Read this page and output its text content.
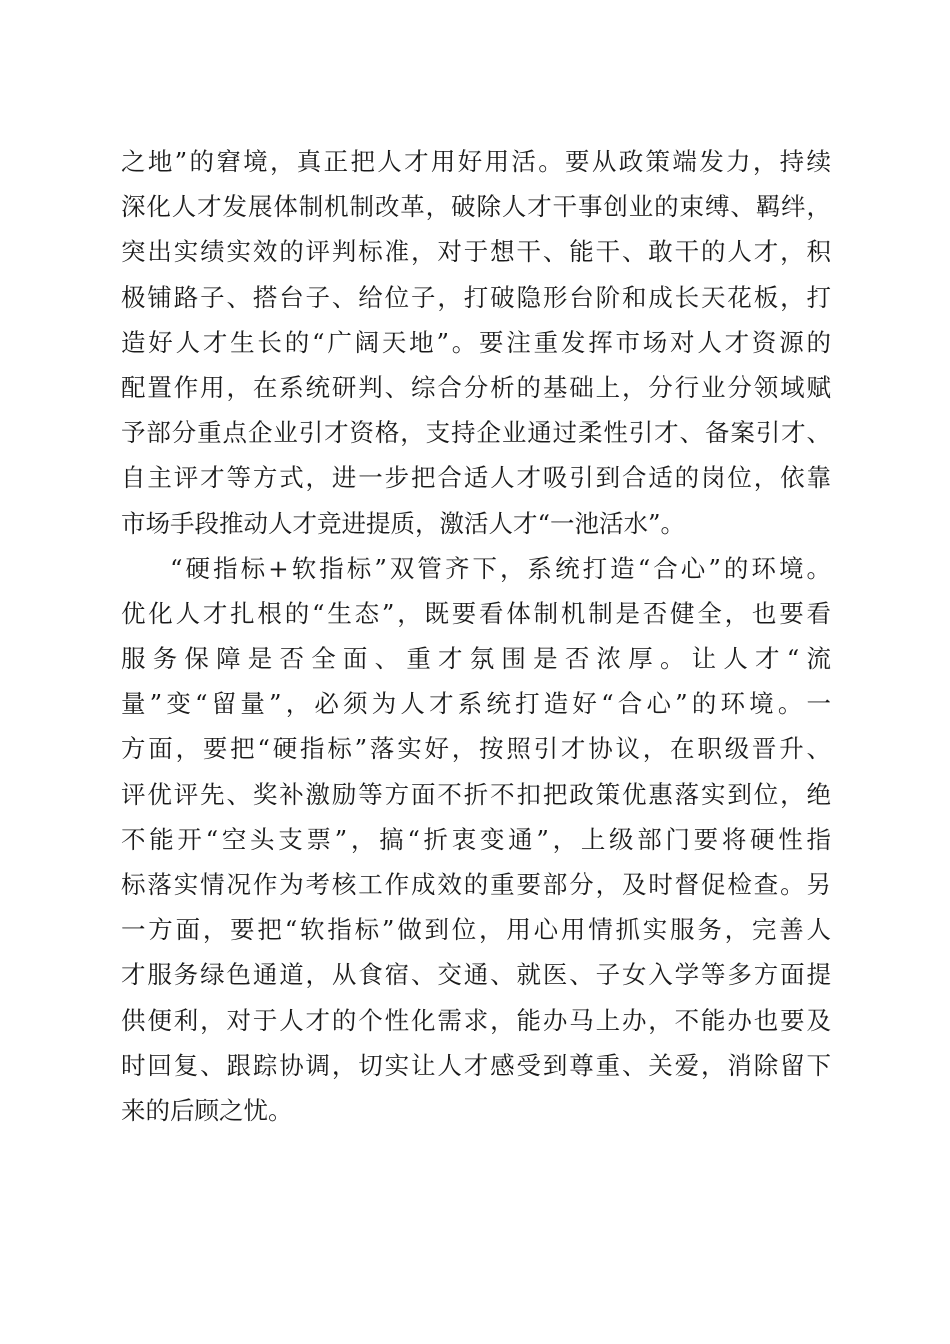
之地”的窘境，真正把人才用好用活。要从政策端发力，持续
深化人才发展体制机制改革，破除人才干事创业的束缚、羁绊，
突出实绩实效的评判标准，对于想干、能干、敢干的人才，积
极铺路子、搭台子、给位子，打破隐形台阶和成长天花板，打
造好人才生长的“广阔天地”。要注重发挥市场对人才资源的
配置作用，在系统研判、综合分析的基础上，分行业分领域赋
予部分重点企业引才资格，支持企业通过柔性引才、备案引才、
自主评才等方式，进一步把合适人才吸引到合适的岗位，依靠
市场手段推动人才竞进提质，激活人才“一池活水”。
“硬指标+软指标”双管齐下，系统打造“合心”的环境。
优化人才扎根的“生态”，既要看体制机制是否健全，也要看
服务保障是否全面、重才氛围是否浓厚。让人才“流
量”变“留量”，必须为人才系统打造好“合心”的环境。一
方面，要把“硬指标”落实好，按照引才协议，在职级晋升、
评优评先、奖补激励等方面不折不扣把政策优惠落实到位，绝
不能开“空头支票”，搞“折衷变通”，上级部门要将硬性指
标落实情况作为考核工作成效的重要部分，及时督促检查。另
一方面，要把“软指标”做到位，用心用情抓实服务，完善人
才服务绿色通道，从食宿、交通、就医、子女入学等多方面提
供便利，对于人才的个性化需求，能办马上办，不能办也要及
时回复、跟踪协调，切实让人才感受到尊重、关爱，消除留下
来的后顾之忧。
